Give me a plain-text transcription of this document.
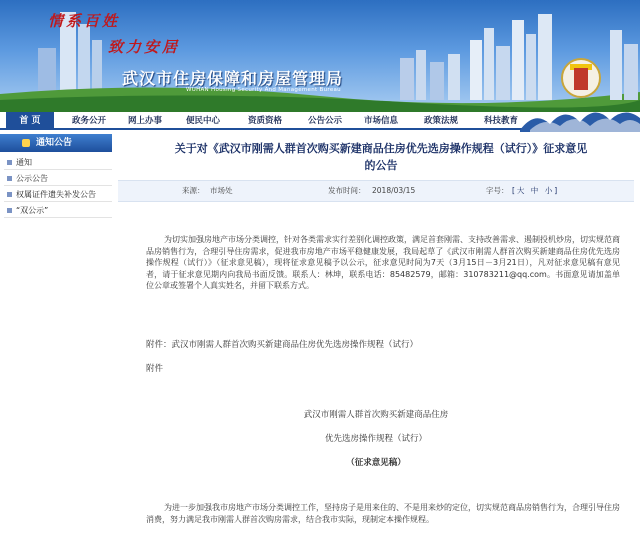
情系百姓
致力安居
武汉市住房保障和房屋管理局
WUHAN Housing Security And Management Bureau
首 页	政务公开	网上办事	便民中心	资质资格	公告公示	市场信息	政策法规	科技教育
通知公告
通知
公示公告
权属证件遗失补发公告
“双公示”
关于对《武汉市刚需人群首次购买新建商品住房优先选房操作规程（试行）》征求意见
的公告
来源： 市场处	发布时间： 2018/03/15	字号： [大 中 小]

为切实加强房地产市场分类调控，针对各类需求实行差别化调控政策，满足首套刚需、支持改善需求、遏制投机炒房，切实规范商品房销售行为，合理引导住房需求，促进我市房地产市场平稳健康发展，我局起草了《武汉市刚需人群首次购买新建商品住房优先选房操作规程（试行）》（征求意见稿），现将征求意见稿予以公示，征求意见时间为7天（3月15日－3月21日），凡对征求意见稿有意见者，请于征求意见期内向我局书面反馈。联系人：林坤，联系电话：85482579，邮箱：310783211@qq.com。书面意见请加盖单位公章或签署个人真实姓名，并留下联系方式。

附件：武汉市刚需人群首次购买新建商品住房优先选房操作规程（试行）
附件
武汉市刚需人群首次购买新建商品住房
优先选房操作规程（试行）
（征求意见稿）

为进一步加强我市房地产市场分类调控工作，坚持房子是用来住的、不是用来炒的定位，切实规范商品房销售行为，合理引导住房消费，努力满足我市刚需人群首次购房需求，结合我市实际，现制定本操作规程。
